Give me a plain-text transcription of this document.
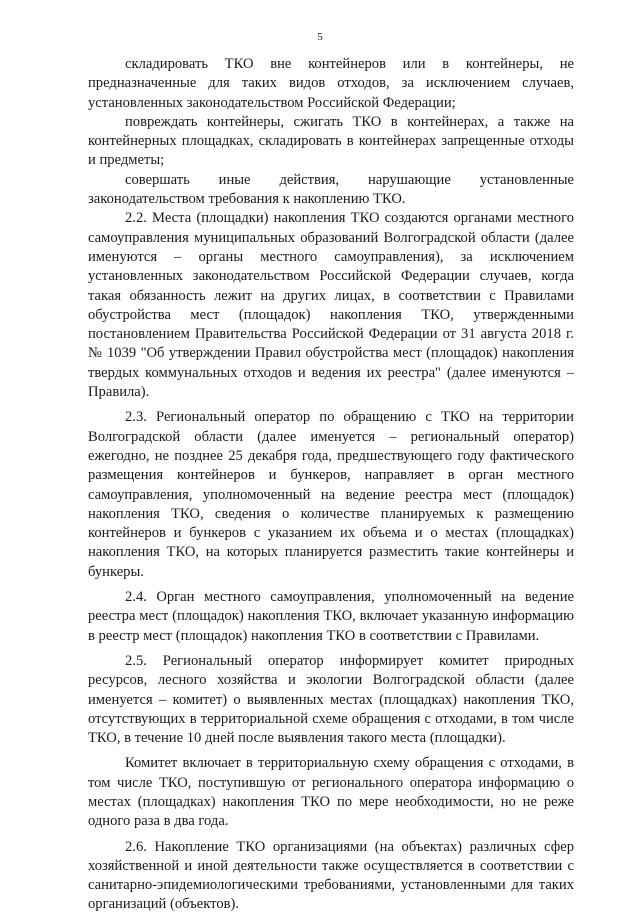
5

складировать ТКО вне контейнеров или в контейнеры, не предназначенные для таких видов отходов, за исключением случаев, установленных законодательством Российской Федерации;

повреждать контейнеры, сжигать ТКО в контейнерах, а также на контейнерных площадках, складировать в контейнерах запрещенные отходы и предметы;

совершать иные действия, нарушающие установленные законодательством требования к накоплению ТКО.

2.2. Места (площадки) накопления ТКО создаются органами местного самоуправления муниципальных образований Волгоградской области (далее именуются – органы местного самоуправления), за исключением установленных законодательством Российской Федерации случаев, когда такая обязанность лежит на других лицах, в соответствии с Правилами обустройства мест (площадок) накопления ТКО, утвержденными постановлением Правительства Российской Федерации от 31 августа 2018 г. № 1039 "Об утверждении Правил обустройства мест (площадок) накопления твердых коммунальных отходов и ведения их реестра" (далее именуются – Правила).

2.3. Региональный оператор по обращению с ТКО на территории Волгоградской области (далее именуется – региональный оператор) ежегодно, не позднее 25 декабря года, предшествующего году фактического размещения контейнеров и бункеров, направляет в орган местного самоуправления, уполномоченный на ведение реестра мест (площадок) накопления ТКО, сведения о количестве планируемых к размещению контейнеров и бункеров с указанием их объема и о местах (площадках) накопления ТКО, на которых планируется разместить такие контейнеры и бункеры.

2.4. Орган местного самоуправления, уполномоченный на ведение реестра мест (площадок) накопления ТКО, включает указанную информацию в реестр мест (площадок) накопления ТКО в соответствии с Правилами.

2.5. Региональный оператор информирует комитет природных ресурсов, лесного хозяйства и экологии Волгоградской области (далее именуется – комитет) о выявленных местах (площадках) накопления ТКО, отсутствующих в территориальной схеме обращения с отходами, в том числе ТКО, в течение 10 дней после выявления такого места (площадки).

Комитет включает в территориальную схему обращения с отходами, в том числе ТКО, поступившую от регионального оператора информацию о местах (площадках) накопления ТКО по мере необходимости, но не реже одного раза в два года.

2.6. Накопление ТКО организациями (на объектах) различных сфер хозяйственной и иной деятельности также осуществляется в соответствии с санитарно-эпидемиологическими требованиями, установленными для таких организаций (объектов).
